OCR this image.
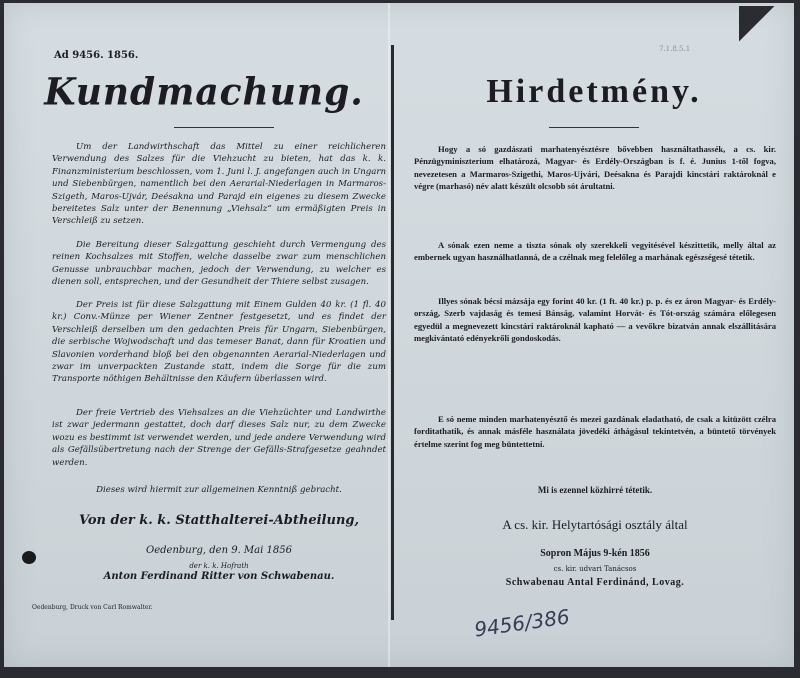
Ad 9456. 1856.
7.1.8.5.1
Kundmachung.
Um der Landwirthschaft das Mittel zu einer reichlicheren Verwendung des Salzes für die Viehzucht zu bieten, hat das k. k. Finanzministerium beschlossen, vom 1. Juni l. J. angefangen auch in Ungarn und Siebenbürgen, namentlich bei den Aerarial-Niederlagen in Marmaros-Szigeth, Maros-Ujvár, Deésakna und Parajd ein eigenes zu diesem Zwecke bereitetes Salz unter der Benennung „Viehsalz“ um ermäßigten Preis in Verschleiß zu setzen.
Die Bereitung dieser Salzgattung geschieht durch Vermengung des reinen Kochsalzes mit Stoffen, welche dasselbe zwar zum menschlichen Genusse unbrauchbar machen, jedoch der Verwendung, zu welcher es dienen soll, entsprechen, und der Gesundheit der Thiere selbst zusagen.
Der Preis ist für diese Salzgattung mit Einem Gulden 40 kr. (1 fl. 40 kr.) Conv.-Münze per Wiener Zentner festgesetzt, und es findet der Verschleiß derselben um den gedachten Preis für Ungarn, Siebenbürgen, die serbische Wojwodschaft und das temeser Banat, dann für Kroatien und Slavonien vorderhand bloß bei den obgenannten Aerarial-Niederlagen und zwar im unverpackten Zustande statt, indem die Sorge für die zum Transporte nöthigen Behältnisse den Käufern überlassen wird.
Der freie Vertrieb des Viehsalzes an die Viehzüchter und Landwirthe ist zwar jedermann gestattet, doch darf dieses Salz nur, zu dem Zwecke wozu es bestimmt ist verwendet werden, und jede andere Verwendung wird als Gefällsübertretung nach der Strenge der Gefälls-Strafgesetze geahndet werden.
Dieses wird hiermit zur allgemeinen Kenntniß gebracht.
Von der k. k. Statthalterei-Abtheilung,
Oedenburg, den 9. Mai 1856
der k. k. Hofrath
Anton Ferdinand Ritter von Schwabenau.
Oedenburg, Druck von Carl Romwalter.
Hirdetmény.
Hogy a só gazdászati marhatenyésztésre bővebben használtathassék, a cs. kir. Pénzügyminiszterium elhatározá, Magyar- és Erdély-Országban is f. é. Junius 1-től fogva, nevezetesen a Marmaros-Szigethi, Maros-Ujvári, Deésakna és Parajdi kincstári raktároknál e végre (marhasó) név alatt készült olcsobb sót árultatni.
A sónak ezen neme a tiszta sónak oly szerekkeli vegyitésével készittetik, melly által az embernek ugyan használhatlanná, de a czélnak meg felelőleg a marhának egészségesé tétetik.
Illyes sónak bécsi mázsája egy forint 40 kr. (1 ft. 40 kr.) p. p. és ez áron Magyar- és Erdély-ország, Szerb vajdaság és temesi Bánság, valamint Horvát- és Tót-ország számára előlegesen egyedül a megnevezett kincstári raktároknál kapható — a vevőkre bizatván annak elszállitására megkivántató edényekrőli gondoskodás.
E só neme minden marhatenyésztő és mezei gazdának eladatható, de csak a kitüzött czélra forditathatik, és annak másféle használata jövedéki áthágásul tekintetvén, a büntető törvények értelme szerint fog meg büntettetni.
Mi is ezennel közhirré tétetik.
A cs. kir. Helytartósági osztály által
Sopron Május 9-kén 1856
cs. kir. udvari Tanácsos
Schwabenau Antal Ferdinánd, Lovag.
9456/386
